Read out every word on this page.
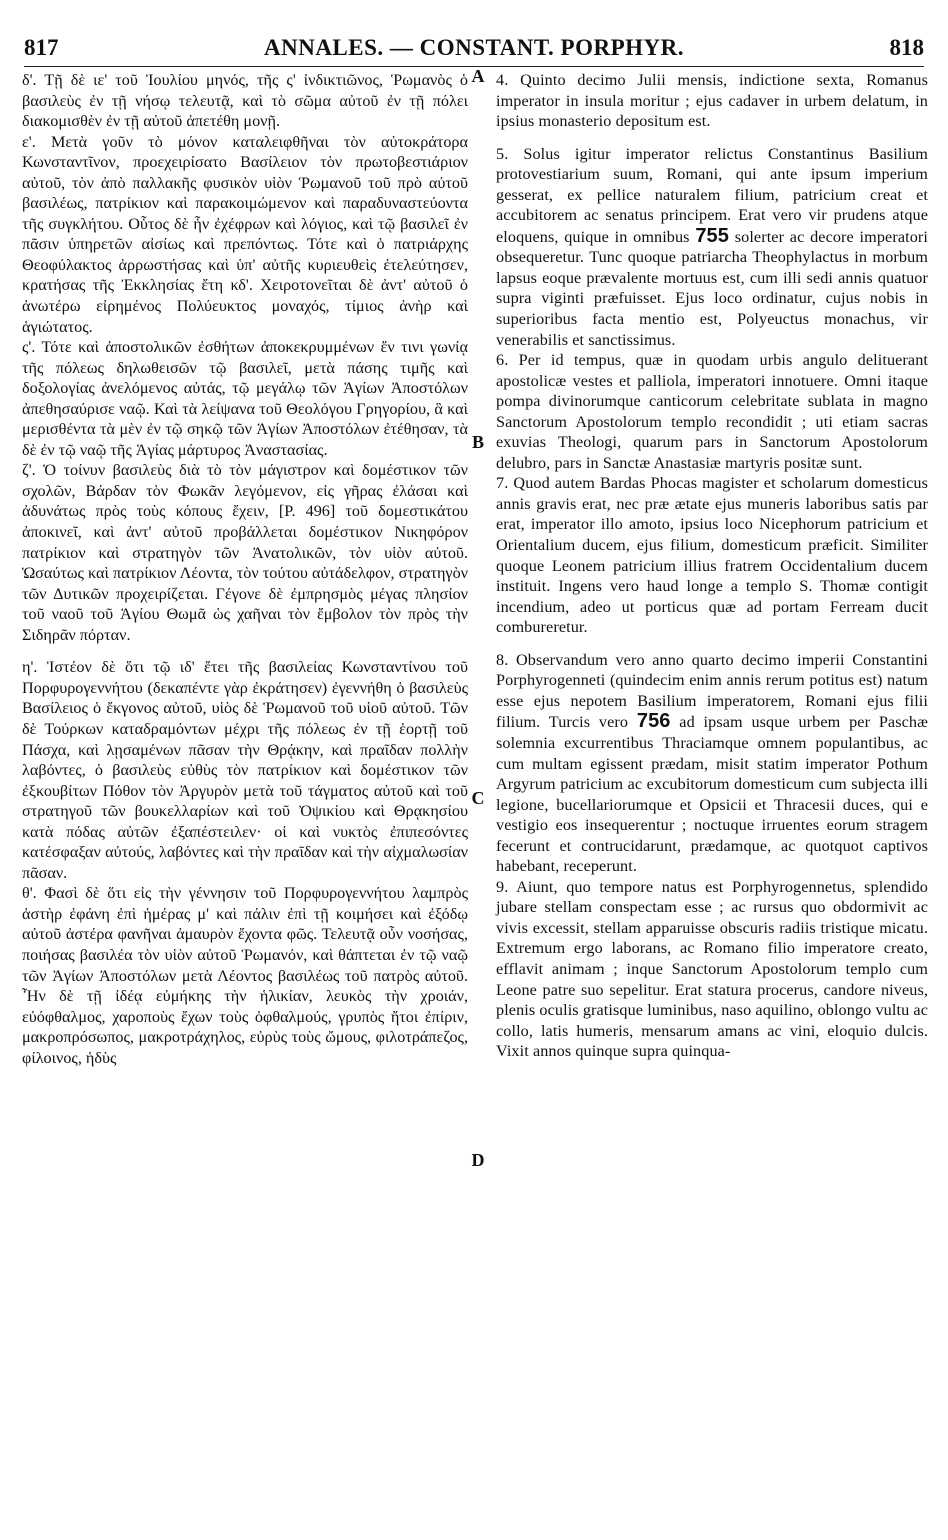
817	ANNALES. — CONSTANT. PORPHYR.	818

δ'. Τῇ δὲ ιε' τοῦ Ἰουλίου μηνός, τῆς ς' ἰνδικτιῶνος, Ῥωμανὸς ὁ βασιλεὺς ἐν τῇ νήσῳ τελευτᾷ, καὶ τὸ σῶμα αὐτοῦ ἐν τῇ πόλει διακομισθὲν ἐν τῇ αὐτοῦ ἀπετέθη μονῇ.

ε'. Μετὰ γοῦν τὸ μόνον καταλειφθῆναι τὸν αὐτοκράτορα Κωνσταντῖνον, προεχειρίσατο Βασίλειον τὸν πρωτοβεστιάριον αὐτοῦ, τὸν ἀπὸ παλλακῆς φυσικὸν υἱὸν Ῥωμανοῦ τοῦ πρὸ αὐτοῦ βασιλέως, πατρίκιον καὶ παρακοιμώμενον καὶ παραδυναστεύοντα τῆς συγκλήτου. Οὗτος δὲ ἦν ἐχέφρων καὶ λόγιος, καὶ τῷ βασιλεῖ ἐν πᾶσιν ὑπηρετῶν αἰσίως καὶ πρεπόντως. Τότε καὶ ὁ πατριάρχης Θεοφύλακτος ἀρρωστήσας καὶ ὑπ' αὐτῆς κυριευθεὶς ἐτελεύτησεν, κρατήσας τῆς Ἐκκλησίας ἔτη κδ'. Χειροτονεῖται δὲ ἀντ' αὐτοῦ ὁ ἀνωτέρω εἰρημένος Πολύευκτος μοναχός, τίμιος ἀνὴρ καὶ ἁγιώτατος.

ς'. Τότε καὶ ἀποστολικῶν ἐσθήτων ἀποκεκρυμμένων ἔν τινι γωνίᾳ τῆς πόλεως δηλωθεισῶν τῷ βασιλεῖ, μετὰ πάσης τιμῆς καὶ δοξολογίας ἀνελόμενος αὐτάς, τῷ μεγάλῳ τῶν Ἁγίων Ἀποστόλων ἀπεθησαύρισε ναῷ. Καὶ τὰ λείψανα τοῦ Θεολόγου Γρηγορίου, ἃ καὶ μερισθέντα τὰ μὲν ἐν τῷ σηκῷ τῶν Ἁγίων Ἀποστόλων ἐτέθησαν, τὰ δὲ ἐν τῷ ναῷ τῆς Ἁγίας μάρτυρος Ἀναστασίας.

ζ'. Ὁ τοίνυν βασιλεὺς διὰ τὸ τὸν μάγιστρον καὶ δομέστικον τῶν σχολῶν, Βάρδαν τὸν Φωκᾶν λεγόμενον, εἰς γῆρας ἐλάσαι καὶ ἀδυνάτως πρὸς τοὺς κόπους ἔχειν, [P. 496] τοῦ δομεστικάτου ἀποκινεῖ, καὶ ἀντ' αὐτοῦ προβάλλεται δομέστικον Νικηφόρον πατρίκιον καὶ στρατηγὸν τῶν Ἀνατολικῶν, τὸν υἱὸν αὐτοῦ. Ὡσαύτως καὶ πατρίκιον Λέοντα, τὸν τούτου αὐτάδελφον, στρατηγὸν τῶν Δυτικῶν προχειρίζεται. Γέγονε δὲ ἐμπρησμὸς μέγας πλησίον τοῦ ναοῦ τοῦ Ἁγίου Θωμᾶ ὡς χαῆναι τὸν ἔμβολον τὸν πρὸς τὴν Σιδηρᾶν πόρταν.

η'. Ἰστέον δὲ ὅτι τῷ ιδ' ἔτει τῆς βασιλείας Κωνσταντίνου τοῦ Πορφυρογεννήτου (δεκαπέντε γὰρ ἐκράτησεν) ἐγεννήθη ὁ βασιλεὺς Βασίλειος ὁ ἔκγονος αὐτοῦ, υἱὸς δὲ Ῥωμανοῦ τοῦ υἱοῦ αὐτοῦ. Τῶν δὲ Τούρκων καταδραμόντων μέχρι τῆς πόλεως ἐν τῇ ἑορτῇ τοῦ Πάσχα, καὶ λῃσαμένων πᾶσαν τὴν Θρᾴκην, καὶ πραῖδαν πολλὴν λαβόντες, ὁ βασιλεὺς εὐθὺς τὸν πατρίκιον καὶ δομέστικον τῶν ἐξκουβίτων Πόθον τὸν Ἀργυρὸν μετὰ τοῦ τάγματος αὐτοῦ καὶ τοῦ στρατηγοῦ τῶν βουκελλαρίων καὶ τοῦ Ὀψικίου καὶ Θρᾳκησίου κατὰ πόδας αὐτῶν ἐξαπέστειλεν· οἱ καὶ νυκτὸς ἐπιπεσόντες κατέσφαξαν αὐτούς, λαβόντες καὶ τὴν πραῖδαν καὶ τὴν αἰχμαλωσίαν πᾶσαν.

θ'. Φασὶ δὲ ὅτι εἰς τὴν γέννησιν τοῦ Πορφυρογεννήτου λαμπρὸς ἀστὴρ ἐφάνη ἐπὶ ἡμέρας μ' καὶ πάλιν ἐπὶ τῇ κοιμήσει καὶ ἐξόδῳ αὐτοῦ ἀστέρα φανῆναι ἀμαυρὸν ἔχοντα φῶς. Τελευτᾷ οὖν νοσήσας, ποιήσας βασιλέα τὸν υἱὸν αὐτοῦ Ῥωμανόν, καὶ θάπτεται ἐν τῷ ναῷ τῶν Ἁγίων Ἀποστόλων μετὰ Λέοντος βασιλέως τοῦ πατρὸς αὐτοῦ. Ἦν δὲ τῇ ἰδέᾳ εὐμήκης τὴν ἡλικίαν, λευκὸς τὴν χροιάν, εὐόφθαλμος, χαροποὺς ἔχων τοὺς ὀφθαλμούς, γρυπὸς ἤτοι ἐπίριν, μακροπρόσωπος, μακροτράχηλος, εὐρὺς τοὺς ὤμους, φιλοτράπεζος, φίλοινος, ἡδὺς

A
B
C
D

4. Quinto decimo Julii mensis, indictione sexta, Romanus imperator in insula moritur ; ejus cadaver in urbem delatum, in ipsius monasterio depositum est.

5. Solus igitur imperator relictus Constantinus Basilium protovestiarium suum, Romani, qui ante ipsum imperium gesserat, ex pellice naturalem filium, patricium creat et accubitorem ac senatus principem. Erat vero vir prudens atque eloquens, quique in omnibus 755 solerter ac decore imperatori obsequeretur. Tunc quoque patriarcha Theophylactus in morbum lapsus eoque prævalente mortuus est, cum illi sedi annis quatuor supra viginti præfuisset. Ejus loco ordinatur, cujus nobis in superioribus facta mentio est, Polyeuctus monachus, vir venerabilis et sanctissimus.

6. Per id tempus, quæ in quodam urbis angulo delituerant apostolicæ vestes et palliola, imperatori innotuere. Omni itaque pompa divinorumque canticorum celebritate sublata in magno Sanctorum Apostolorum templo recondidit ; uti etiam sacras exuvias Theologi, quarum pars in Sanctorum Apostolorum delubro, pars in Sanctæ Anastasiæ martyris positæ sunt.

7. Quod autem Bardas Phocas magister et scholarum domesticus annis gravis erat, nec præ ætate ejus muneris laboribus satis par erat, imperator illo amoto, ipsius loco Nicephorum patricium et Orientalium ducem, ejus filium, domesticum præficit. Similiter quoque Leonem patricium illius fratrem Occidentalium ducem instituit. Ingens vero haud longe a templo S. Thomæ contigit incendium, adeo ut porticus quæ ad portam Ferream ducit combureretur.

8. Observandum vero anno quarto decimo imperii Constantini Porphyrogenneti (quindecim enim annis rerum potitus est) natum esse ejus nepotem Basilium imperatorem, Romani ejus filii filium. Turcis vero 756 ad ipsam usque urbem per Paschæ solemnia excurrentibus Thraciamque omnem populantibus, ac cum multam egissent prædam, misit statim imperator Pothum Argyrum patricium ac excubitorum domesticum cum subjecta illi legione, bucellariorumque et Opsicii et Thracesii duces, qui e vestigio eos insequerentur ; noctuque irruentes eorum stragem fecerunt et contrucidarunt, prædamque, ac quotquot captivos habebant, receperunt.

9. Aiunt, quo tempore natus est Porphyrogennetus, splendido jubare stellam conspectam esse ; ac rursus quo obdormivit ac vivis excessit, stellam apparuisse obscuris radiis tristique micatu. Extremum ergo laborans, ac Romano filio imperatore creato, efflavit animam ; inque Sanctorum Apostolorum templo cum Leone patre suo sepelitur. Erat statura procerus, candore niveus, plenis oculis gratisque luminibus, naso aquilino, oblongo vultu ac collo, latis humeris, mensarum amans ac vini, eloquio dulcis. Vixit annos quinque supra quinqua-
